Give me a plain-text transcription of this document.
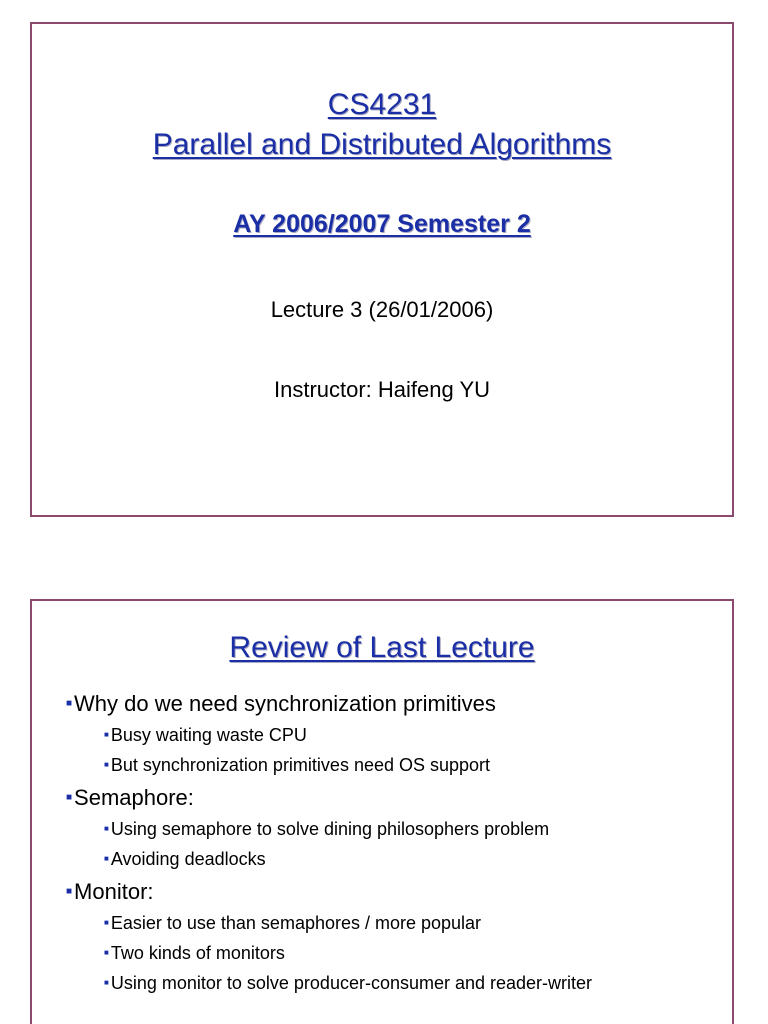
CS4231
Parallel and Distributed Algorithms
AY 2006/2007 Semester 2
Lecture 3 (26/01/2006)
Instructor: Haifeng YU
Review of Last Lecture
■Why do we need synchronization primitives
■ Busy waiting waste CPU
■ But synchronization primitives need OS support
■Semaphore:
■ Using semaphore to solve dining philosophers problem
■ Avoiding deadlocks
■Monitor:
■ Easier to use than semaphores / more popular
■ Two kinds of monitors
■ Using monitor to solve producer-consumer and reader-writer
